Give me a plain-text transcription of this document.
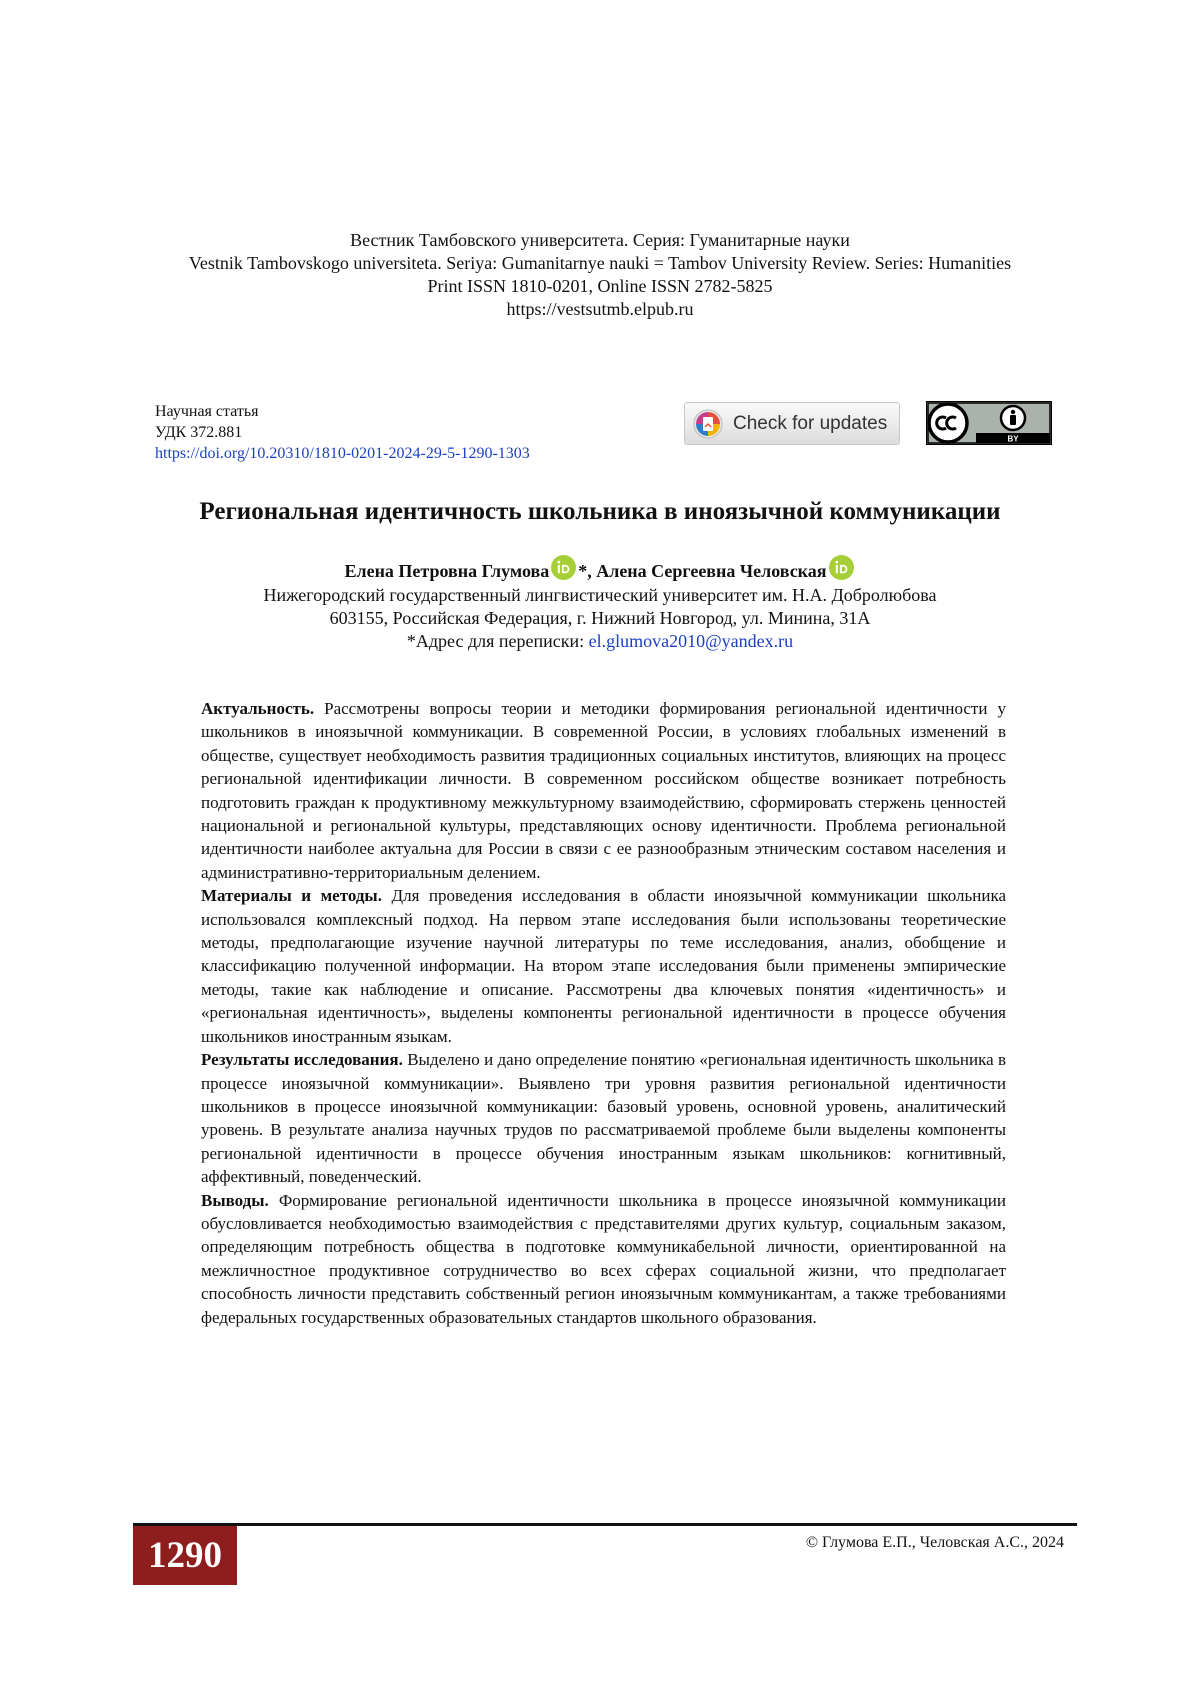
Вестник Тамбовского университета. Серия: Гуманитарные науки
Vestnik Tambovskogo universiteta. Seriya: Gumanitarnye nauki = Tambov University Review. Series: Humanities
Print ISSN 1810-0201, Online ISSN 2782-5825
https://vestsutmb.elpub.ru
Научная статья
УДК 372.881
https://doi.org/10.20310/1810-0201-2024-29-5-1290-1303
Check for updates
BY
Региональная идентичность школьника в иноязычной коммуникации
Елена Петровна Глумова *, Алена Сергеевна Человская
Нижегородский государственный лингвистический университет им. Н.А. Добролюбова
603155, Российская Федерация, г. Нижний Новгород, ул. Минина, 31А
*Адрес для переписки: el.glumova2010@yandex.ru

Актуальность. Рассмотрены вопросы теории и методики формирования региональной идентичности у школьников в иноязычной коммуникации. В современной России, в условиях глобальных изменений в обществе, существует необходимость развития традиционных социальных институтов, влияющих на процесс региональной идентификации личности. В современном российском обществе возникает потребность подготовить граждан к продуктивному межкультурному взаимодействию, сформировать стержень ценностей национальной и региональной культуры, представляющих основу идентичности. Проблема региональной идентичности наиболее актуальна для России в связи с ее разнообразным этническим составом населения и административно-территориальным делением.

Материалы и методы. Для проведения исследования в области иноязычной коммуникации школьника использовался комплексный подход. На первом этапе исследования были использованы теоретические методы, предполагающие изучение научной литературы по теме исследования, анализ, обобщение и классификацию полученной информации. На втором этапе исследования были применены эмпирические методы, такие как наблюдение и описание. Рассмотрены два ключевых понятия «идентичность» и «региональная идентичность», выделены компоненты региональной идентичности в процессе обучения школьников иностранным языкам.

Результаты исследования. Выделено и дано определение понятию «региональная идентичность школьника в процессе иноязычной коммуникации». Выявлено три уровня развития региональной идентичности школьников в процессе иноязычной коммуникации: базовый уровень, основной уровень, аналитический уровень. В результате анализа научных трудов по рассматриваемой проблеме были выделены компоненты региональной идентичности в процессе обучения иностранным языкам школьников: когнитивный, аффективный, поведенческий.

Выводы. Формирование региональной идентичности школьника в процессе иноязычной коммуникации обусловливается необходимостью взаимодействия с представителями других культур, социальным заказом, определяющим потребность общества в подготовке коммуникабельной личности, ориентированной на межличностное продуктивное сотрудничество во всех сферах социальной жизни, что предполагает способность личности представить собственный регион иноязычным коммуникантам, а также требованиями федеральных государственных образовательных стандартов школьного образования.

1290	© Глумова Е.П., Человская А.С., 2024
